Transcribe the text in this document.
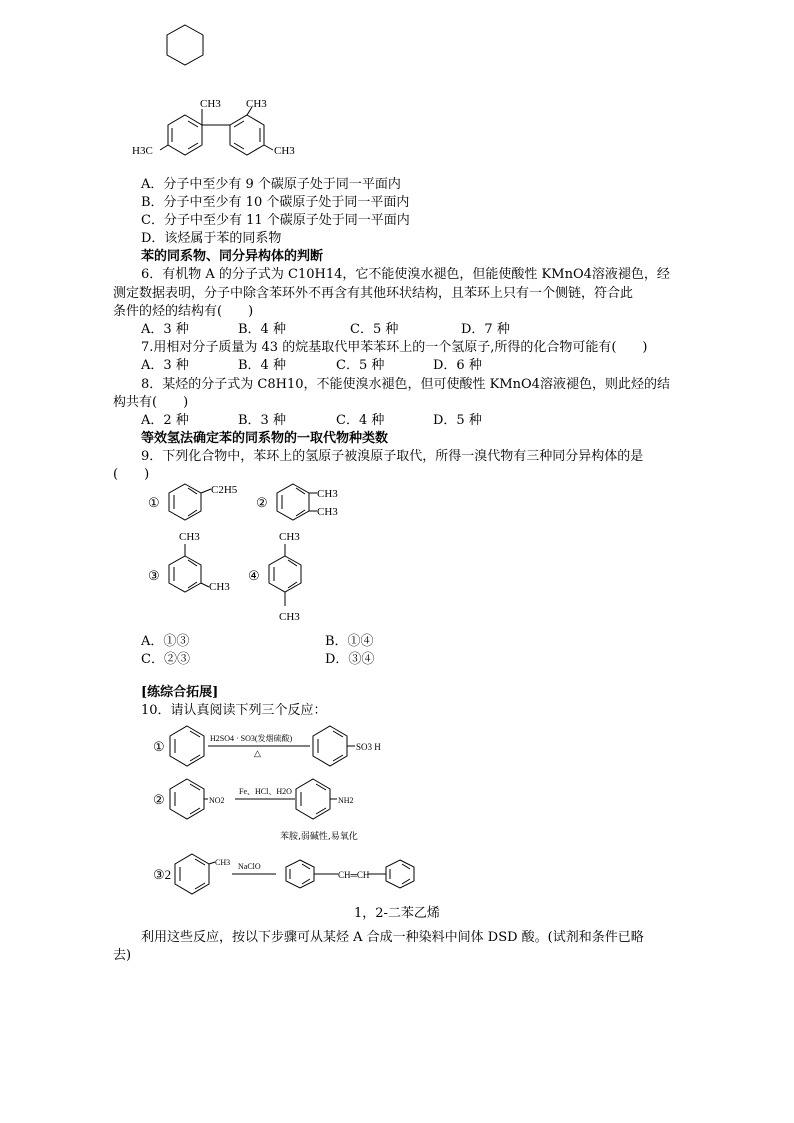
CH3 CH3
H3C	CH3
A．分子中至少有 9 个碳原子处于同一平面内
B．分子中至少有 10 个碳原子处于同一平面内
C．分子中至少有 11 个碳原子处于同一平面内
D．该烃属于苯的同系物
苯的同系物、同分异构体的判断
6．有机物 A 的分子式为 C10H14，它不能使溴水褪色，但能使酸性 KMnO4溶液褪色，经
测定数据表明，分子中除含苯环外不再含有其他环状结构，且苯环上只有一个侧链，符合此
条件的烃的结构有(　　)
A．3 种	B．4 种	C．5 种	D．7 种
7.用相对分子质量为 43 的烷基取代甲苯苯环上的一个氢原子,所得的化合物可能有(　　)
A．3 种	B．4 种	C．5 种	D．6 种
8．某烃的分子式为 C8H10，不能使溴水褪色，但可使酸性 KMnO4溶液褪色，则此烃的结
构共有(　　)
A．2 种	B．3 种	C．4 种	D．5 种
等效氢法确定苯的同系物的一取代物种类数
9．下列化合物中，苯环上的氢原子被溴原子取代，所得一溴代物有三种同分异构体的是
(　　)
①
C2H5
②
CH3
CH3
③
CH3
CH3
④
CH3
CH3
A．①③	B．①④
C．②③	D．③④
[练综合拓展]
10．请认真阅读下列三个反应：
①
H2SO4 · SO3(发烟硫酸)
△
SO3 H
②	NO2
Fe、HCl、H2O
NH2
苯胺,弱碱性,易氧化
③2
CH3 NaClO
CH═CH
1，2-二苯乙烯
利用这些反应，按以下步骤可从某烃 A 合成一种染料中间体 DSD 酸。(试剂和条件已略
去)
